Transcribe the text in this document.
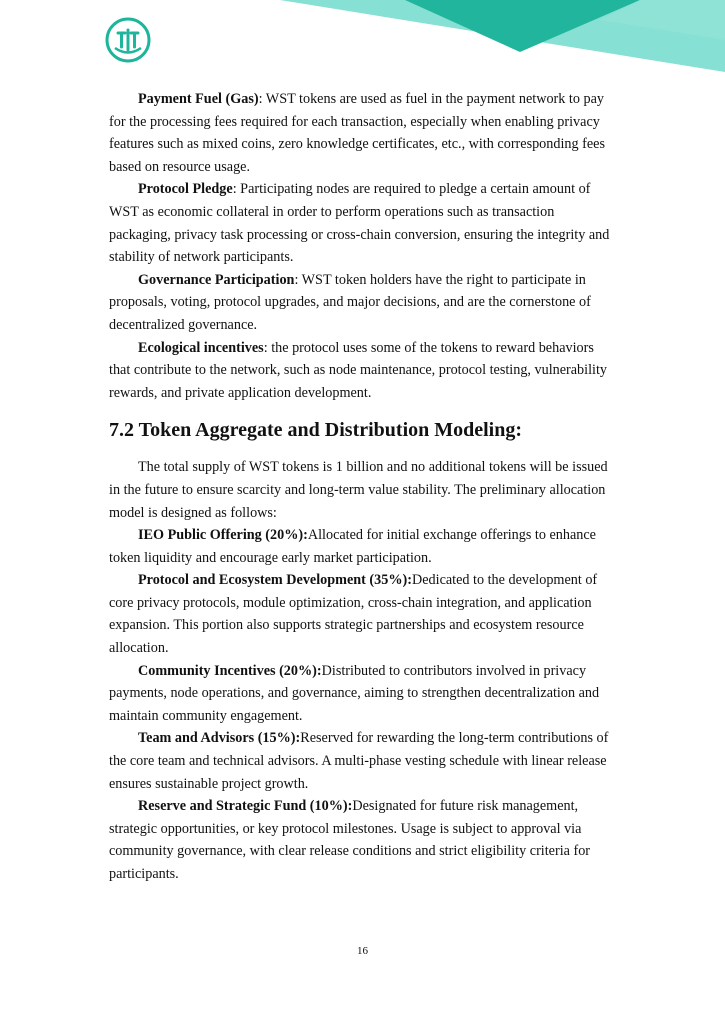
Payment Fuel (Gas): WST tokens are used as fuel in the payment network to pay for the processing fees required for each transaction, especially when enabling privacy features such as mixed coins, zero knowledge certificates, etc., with corresponding fees based on resource usage.

Protocol Pledge: Participating nodes are required to pledge a certain amount of WST as economic collateral in order to perform operations such as transaction packaging, privacy task processing or cross-chain conversion, ensuring the integrity and stability of network participants.

Governance Participation: WST token holders have the right to participate in proposals, voting, protocol upgrades, and major decisions, and are the cornerstone of decentralized governance.

Ecological incentives: the protocol uses some of the tokens to reward behaviors that contribute to the network, such as node maintenance, protocol testing, vulnerability rewards, and private application development.

7.2 Token Aggregate and Distribution Modeling:

The total supply of WST tokens is 1 billion and no additional tokens will be issued in the future to ensure scarcity and long-term value stability. The preliminary allocation model is designed as follows:

IEO Public Offering (20%):Allocated for initial exchange offerings to enhance token liquidity and encourage early market participation.

Protocol and Ecosystem Development (35%):Dedicated to the development of core privacy protocols, module optimization, cross-chain integration, and application expansion. This portion also supports strategic partnerships and ecosystem resource allocation.

Community Incentives (20%):Distributed to contributors involved in privacy payments, node operations, and governance, aiming to strengthen decentralization and maintain community engagement.

Team and Advisors (15%):Reserved for rewarding the long-term contributions of the core team and technical advisors. A multi-phase vesting schedule with linear release ensures sustainable project growth.

Reserve and Strategic Fund (10%):Designated for future risk management, strategic opportunities, or key protocol milestones. Usage is subject to approval via community governance, with clear release conditions and strict eligibility criteria for participants.

16
